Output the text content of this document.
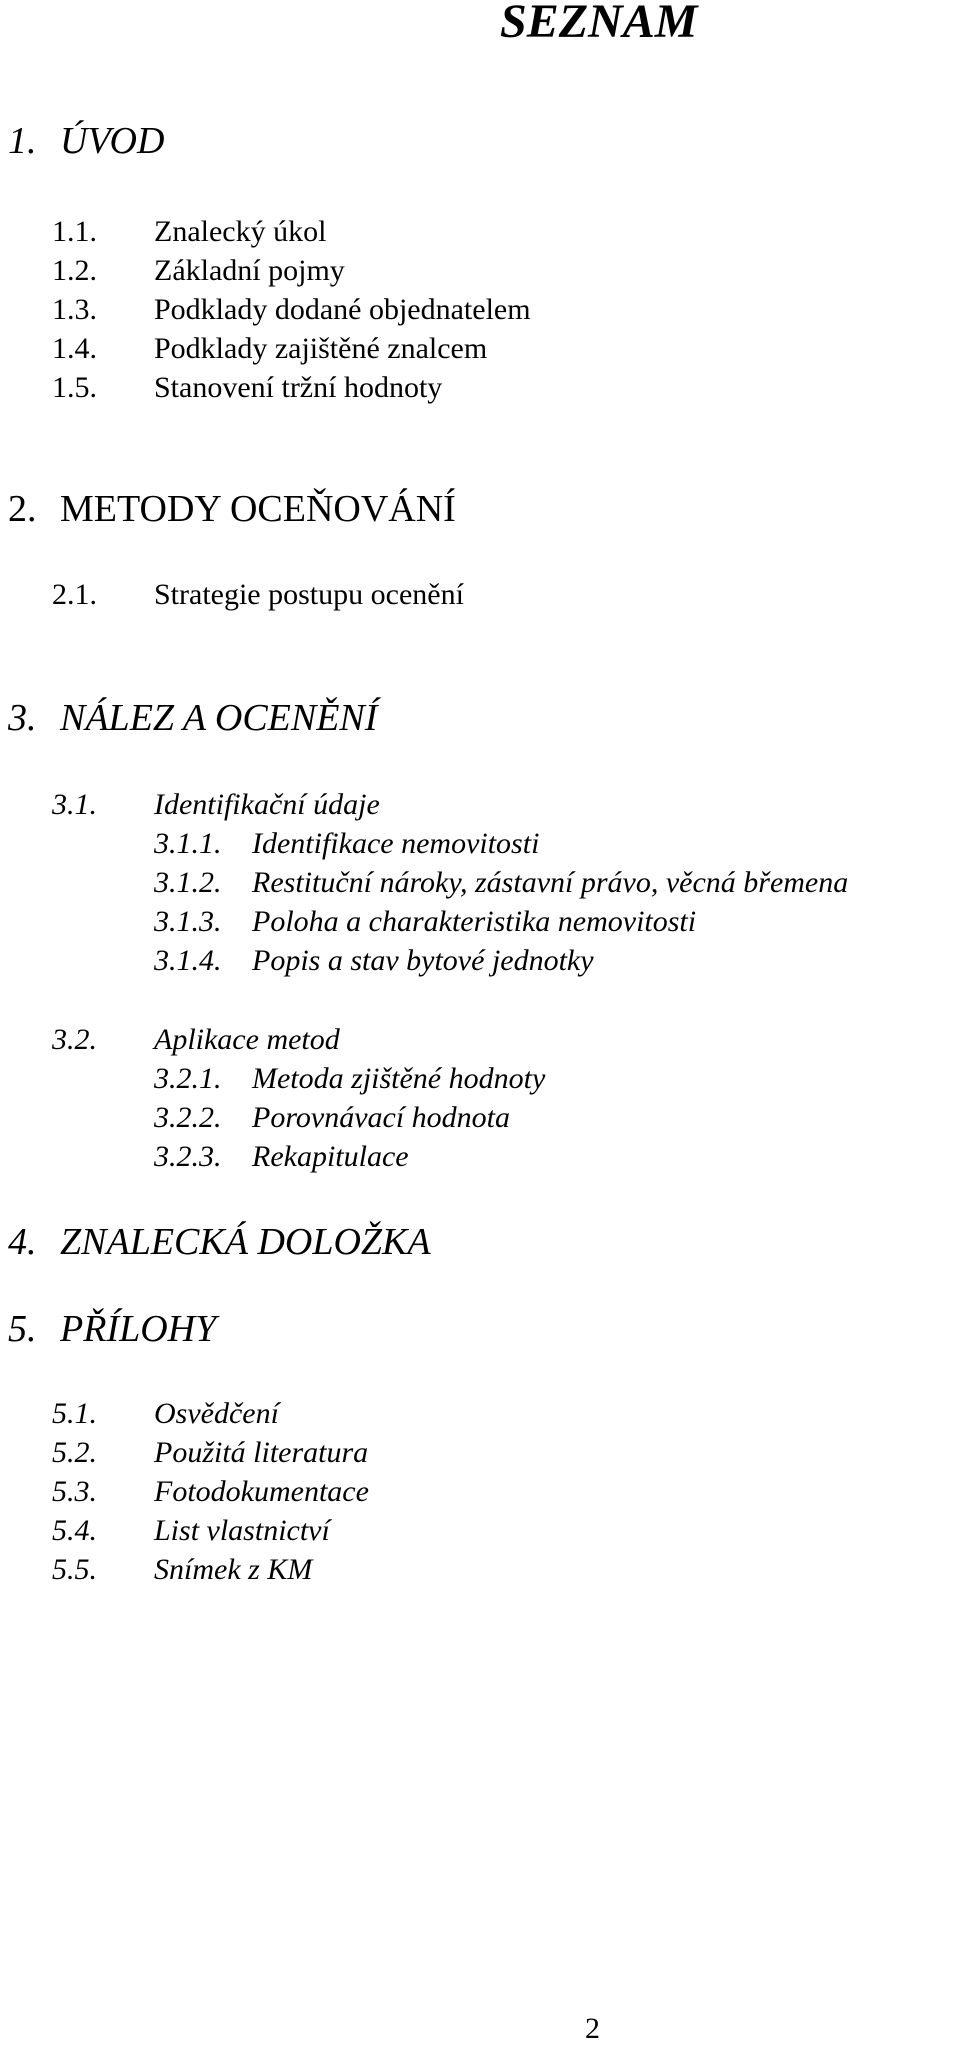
SEZNAM
1. ÚVOD
1.1. Znalecký úkol
1.2. Základní pojmy
1.3. Podklady dodané objednatelem
1.4. Podklady zajištěné znalcem
1.5. Stanovení tržní hodnoty
2. METODY OCEŇOVÁNÍ
2.1. Strategie postupu ocenění
3. NÁLEZ A OCENĚNÍ
3.1. Identifikační údaje
3.1.1. Identifikace nemovitosti
3.1.2. Restituční nároky, zástavní právo, věcná břemena
3.1.3. Poloha a charakteristika nemovitosti
3.1.4. Popis a stav bytové jednotky
3.2. Aplikace metod
3.2.1. Metoda zjištěné hodnoty
3.2.2. Porovnávací hodnota
3.2.3. Rekapitulace
4. ZNALECKÁ DOLOŽKA
5. PŘÍLOHY
5.1. Osvědčení
5.2. Použitá literatura
5.3. Fotodokumentace
5.4. List vlastnictví
5.5. Snímek z KM
2
